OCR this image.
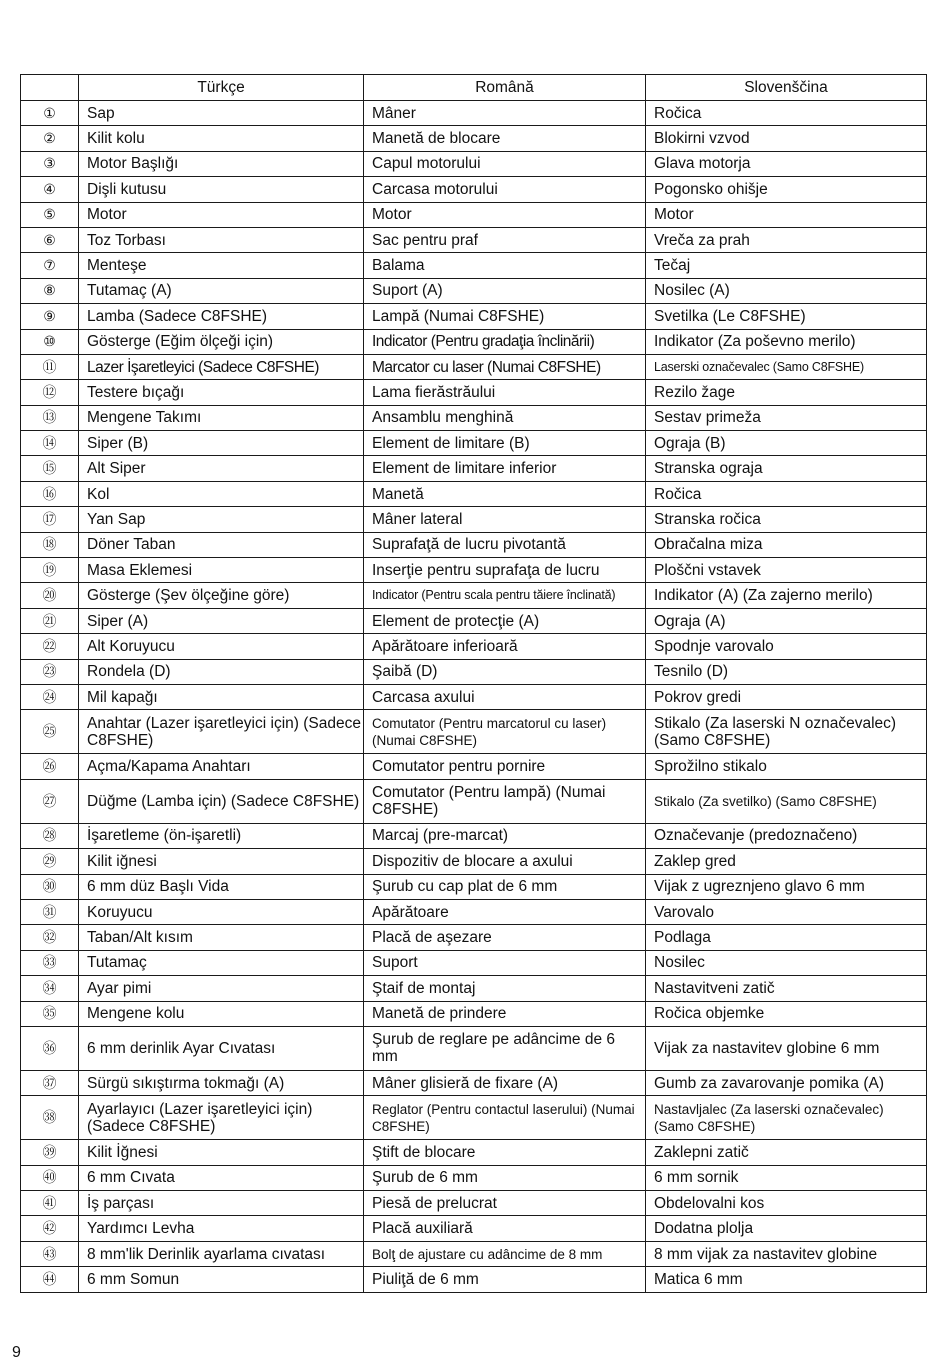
	Türkçe	Română	Slovenščina
①	Sap	Mâner	Ročica
②	Kilit kolu	Manetă de blocare	Blokirni vzvod
③	Motor Başlığı	Capul motorului	Glava motorja
④	Dişli kutusu	Carcasa motorului	Pogonsko ohišje
⑤	Motor	Motor	Motor
⑥	Toz Torbası	Sac pentru praf	Vreča za prah
⑦	Menteşe	Balama	Tečaj
⑧	Tutamaç (A)	Suport (A)	Nosilec (A)
⑨	Lamba (Sadece C8FSHE)	Lampă (Numai C8FSHE)	Svetilka (Le C8FSHE)
⑩	Gösterge (Eğim ölçeği için)	Indicator (Pentru gradaţia înclinării)	Indikator (Za poševno merilo)
⑪	Lazer İşaretleyici (Sadece C8FSHE)	Marcator cu laser (Numai C8FSHE)	Laserski označevalec (Samo C8FSHE)
⑫	Testere bıçağı	Lama fierăstrăului	Rezilo žage
⑬	Mengene Takımı	Ansamblu menghină	Sestav primeža
⑭	Siper (B)	Element de limitare (B)	Ograja (B)
⑮	Alt Siper	Element de limitare inferior	Stranska ograja
⑯	Kol	Manetă	Ročica
⑰	Yan Sap	Mâner lateral	Stranska ročica
⑱	Döner Taban	Suprafaţă de lucru pivotantă	Obračalna miza
⑲	Masa Eklemesi	Inserţie pentru suprafaţa de lucru	Ploščni vstavek
⑳	Gösterge (Şev ölçeğine göre)	Indicator (Pentru scala pentru tăiere înclinată)	Indikator (A) (Za zajerno merilo)
㉑	Siper (A)	Element de protecţie (A)	Ograja (A)
㉒	Alt Koruyucu	Apărătoare inferioară	Spodnje varovalo
㉓	Rondela (D)	Şaibă (D)	Tesnilo (D)
㉔	Mil kapağı	Carcasa axului	Pokrov gredi
㉕	Anahtar (Lazer işaretleyici için) (Sadece C8FSHE)	Comutator (Pentru marcatorul cu laser) (Numai C8FSHE)	Stikalo (Za laserski N označevalec) (Samo C8FSHE)
㉖	Açma/Kapama Anahtarı	Comutator pentru pornire	Sprožilno stikalo
㉗	Düğme (Lamba için) (Sadece C8FSHE)	Comutator (Pentru lampă) (Numai C8FSHE)	Stikalo (Za svetilko) (Samo C8FSHE)
㉘	İşaretleme (ön-işaretli)	Marcaj (pre-marcat)	Označevanje (predoznačeno)
㉙	Kilit iğnesi	Dispozitiv de blocare a axului	Zaklep gred
㉚	6 mm düz Başlı Vida	Şurub cu cap plat de 6 mm	Vijak z ugreznjeno glavo 6 mm
㉛	Koruyucu	Apărătoare	Varovalo
㉜	Taban/Alt kısım	Placă de aşezare	Podlaga
㉝	Tutamaç	Suport	Nosilec
㉞	Ayar pimi	Ştaif de montaj	Nastavitveni zatič
㉟	Mengene kolu	Manetă de prindere	Ročica objemke
㊱	6 mm derinlik Ayar Cıvatası	Şurub de reglare pe adâncime de 6 mm	Vijak za nastavitev globine 6 mm
㊲	Sürgü sıkıştırma tokmağı (A)	Mâner glisieră de fixare (A)	Gumb za zavarovanje pomika (A)
㊳	Ayarlayıcı (Lazer işaretleyici için) (Sadece C8FSHE)	Reglator (Pentru contactul laserului) (Numai C8FSHE)	Nastavljalec (Za laserski označevalec) (Samo C8FSHE)
㊴	Kilit İğnesi	Ştift de blocare	Zaklepni zatič
㊵	6 mm Cıvata	Şurub de 6 mm	6 mm sornik
㊶	İş parçası	Piesă de prelucrat	Obdelovalni kos
㊷	Yardımcı Levha	Placă auxiliară	Dodatna plolja
㊸	8 mm'lik Derinlik ayarlama cıvatası	Bolţ de ajustare cu adâncime de 8 mm	8 mm vijak za nastavitev globine
㊹	6 mm Somun	Piuliţă de 6 mm	Matica 6 mm
9
